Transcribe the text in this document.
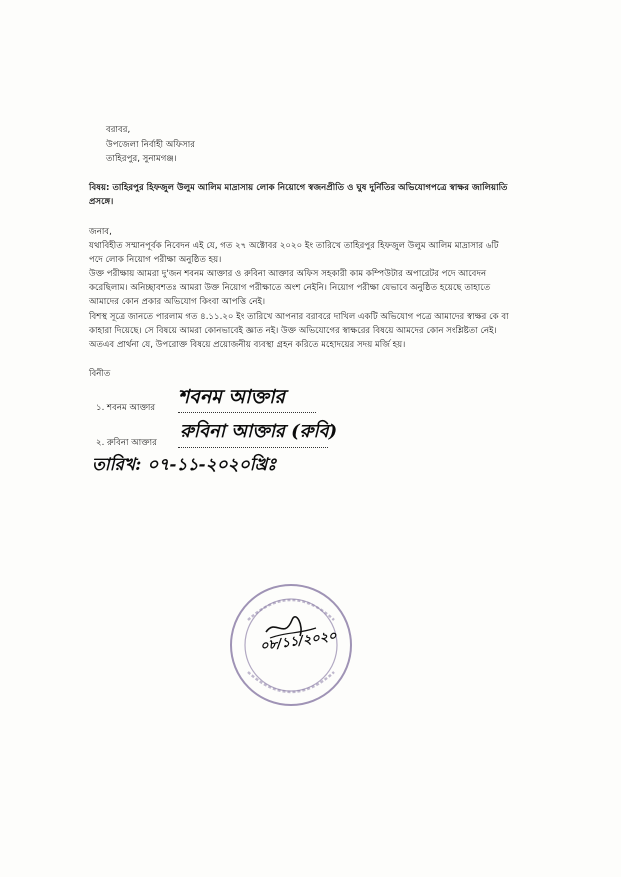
বরাবর,
উপজেলা নির্বাহী অফিসার
তাহিরপুর, সুনামগঞ্জ।
বিষয়: তাহিরপুর হিফজুল উলুম আলিম মাদ্রাসায় লোক নিয়োগে স্বজনপ্রীতি ও ঘুষ দুর্নিতির অভিযোগপত্রে স্বাক্ষর জালিয়াতি
প্রসঙ্গে।
জনাব,
যথাবিহীত সম্মানপূর্বক নিবেদন এই যে, গত ২৭ অক্টোবর ২০২০ ইং তারিখে তাহিরপুর হিফজুল উলুম আলিম মাদ্রাসার ৬টি
পদে লোক নিয়োগ পরীক্ষা অনুষ্ঠিত হয়।
উক্ত পরীক্ষায় আমরা দু'জন শবনম আক্তার ও রুবিনা আক্তার অফিস সহকারী কাম কম্পিউটার অপারেটর পদে আবেদন
করেছিলাম। অনিচ্ছাবশতঃ আমরা উক্ত নিয়োগ পরীক্ষাতে অংশ নেইনি। নিয়োগ পরীক্ষা যেভাবে অনুষ্ঠিত হয়েছে তাহাতে
আমাদের কোন প্রকার অভিযোগ কিংবা আপত্তি নেই।
বিশস্থ সূত্রে জানতে পারলাম গত ৪.১১.২০ ইং তারিখে আপনার বরাবরে দাখিল একটি অভিযোগ পত্রে আমাদের স্বাক্ষর কে বা
কাহারা দিয়েছে। সে বিষয়ে আমরা কোনভাবেই জ্ঞাত নই। উক্ত অভিযোগের স্বাক্ষরের বিষয়ে আমদের কোন সংশ্লিষ্টতা নেই।
অতএব প্রার্থনা যে, উপরোক্ত বিষয়ে প্রয়োজনীয় ব্যবস্থা গ্রহন করিতে মহোদয়ের সদয় মর্জি হয়।
বিনীত
১. শবনম আক্তার শবনম আক্তার
২. রুবিনা আক্তার
রুবিনা আক্তার (রুবি)
তারিখ: ০৭-১১-২০২০খ্রিঃ
০৮/১১/২০২০
